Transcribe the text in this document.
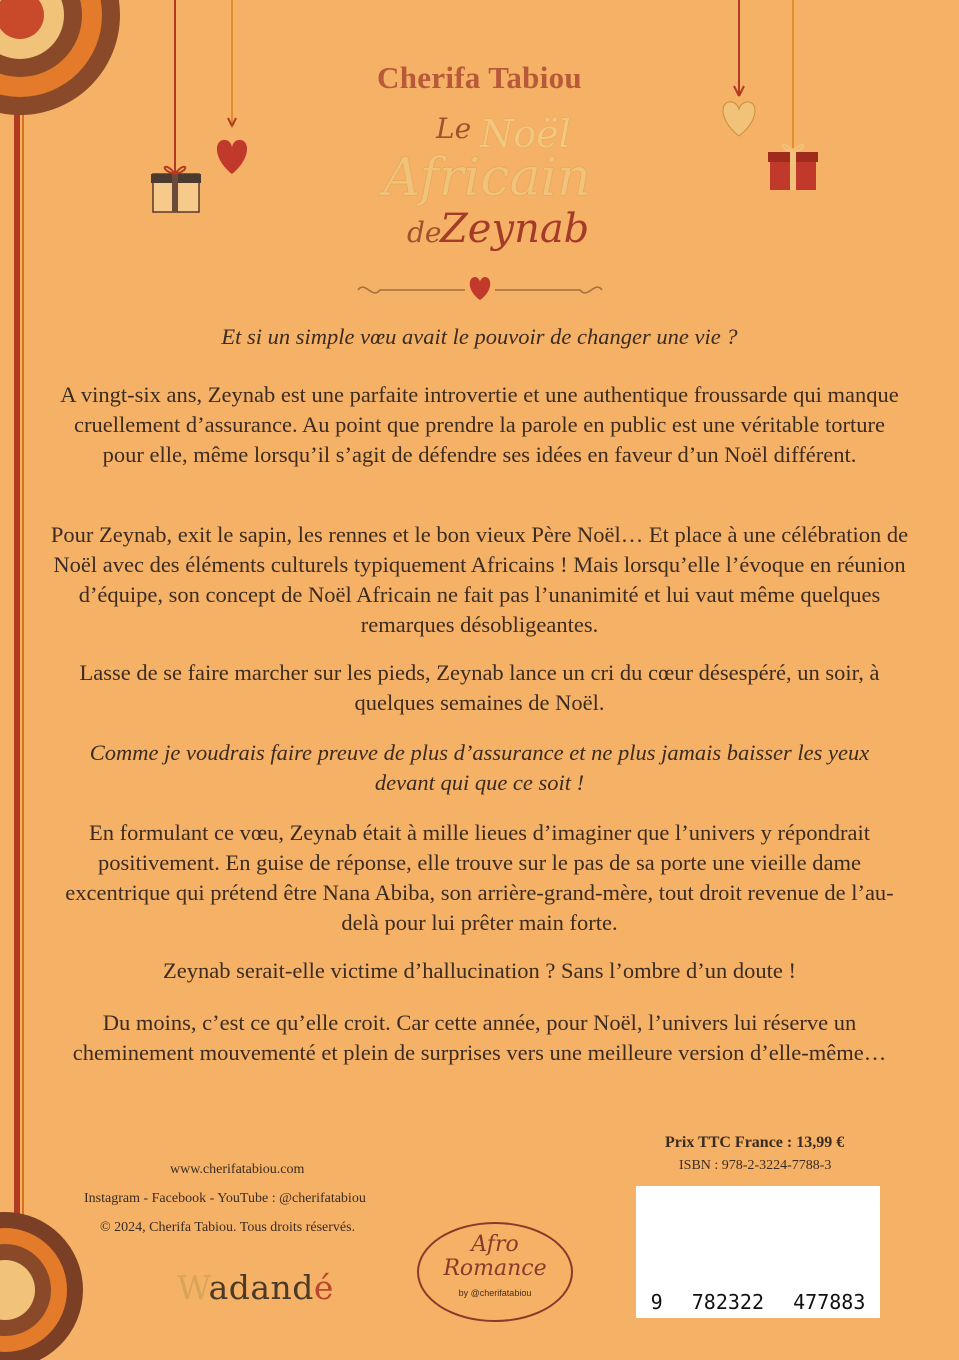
Cherifa Tabiou
Le Noël
Africain
de
Zeynab
Et si un simple vœu avait le pouvoir de changer une vie ?
A vingt-six ans, Zeynab est une parfaite introvertie et une authentique froussarde qui manque cruellement d’assurance. Au point que prendre la parole en public est une véritable torture pour elle, même lorsqu’il s’agit de défendre ses idées en faveur d’un Noël différent.
Pour Zeynab, exit le sapin, les rennes et le bon vieux Père Noël… Et place à une célébration de Noël avec des éléments culturels typiquement Africains ! Mais lorsqu’elle l’évoque en réunion d’équipe, son concept de Noël Africain ne fait pas l’unanimité et lui vaut même quelques remarques désobligeantes.
Lasse de se faire marcher sur les pieds, Zeynab lance un cri du cœur désespéré, un soir, à quelques semaines de Noël.
Comme je voudrais faire preuve de plus d’assurance et ne plus jamais baisser les yeux devant qui que ce soit !
En formulant ce vœu, Zeynab était à mille lieues d’imaginer que l’univers y répondrait positivement. En guise de réponse, elle trouve sur le pas de sa porte une vieille dame excentrique qui prétend être Nana Abiba, son arrière-grand-mère, tout droit revenue de l’au-delà pour lui prêter main forte.
Zeynab serait-elle victime d’hallucination ? Sans l’ombre d’un doute !
Du moins, c’est ce qu’elle croit. Car cette année, pour Noël, l’univers lui réserve un cheminement mouvementé et plein de surprises vers une meilleure version d’elle-même…
www.cherifatabiou.com
Instagram - Facebook - YouTube : @cherifatabiou
© 2024, Cherifa Tabiou. Tous droits réservés.
Wadandé
Afro
Romance
by @cherifatabiou
Prix TTC France : 13,99 €
ISBN : 978-2-3224-7788-3
9 782322 477883
